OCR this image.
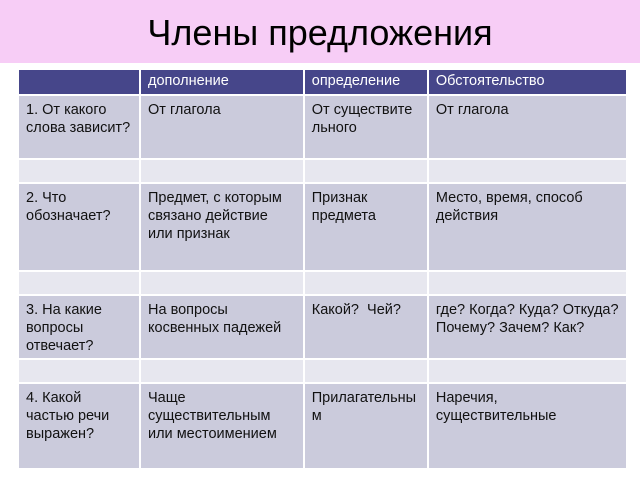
Члены предложения
	дополнение	определение	Обстоятельство
1. От какого слова зависит?	От глагола	От существительного	От глагола

2. Что обозначает?	Предмет, с которым связано действие или признак	Признак предмета	Место, время, способ действия

3. На какие вопросы отвечает?	На вопросы косвенных падежей	Какой?  Чей?	где? Когда? Куда? Откуда? Почему? Зачем? Как?

4. Какой частью речи выражен?	Чаще существительным или местоимением	Прилагательным	Наречия, существительные
